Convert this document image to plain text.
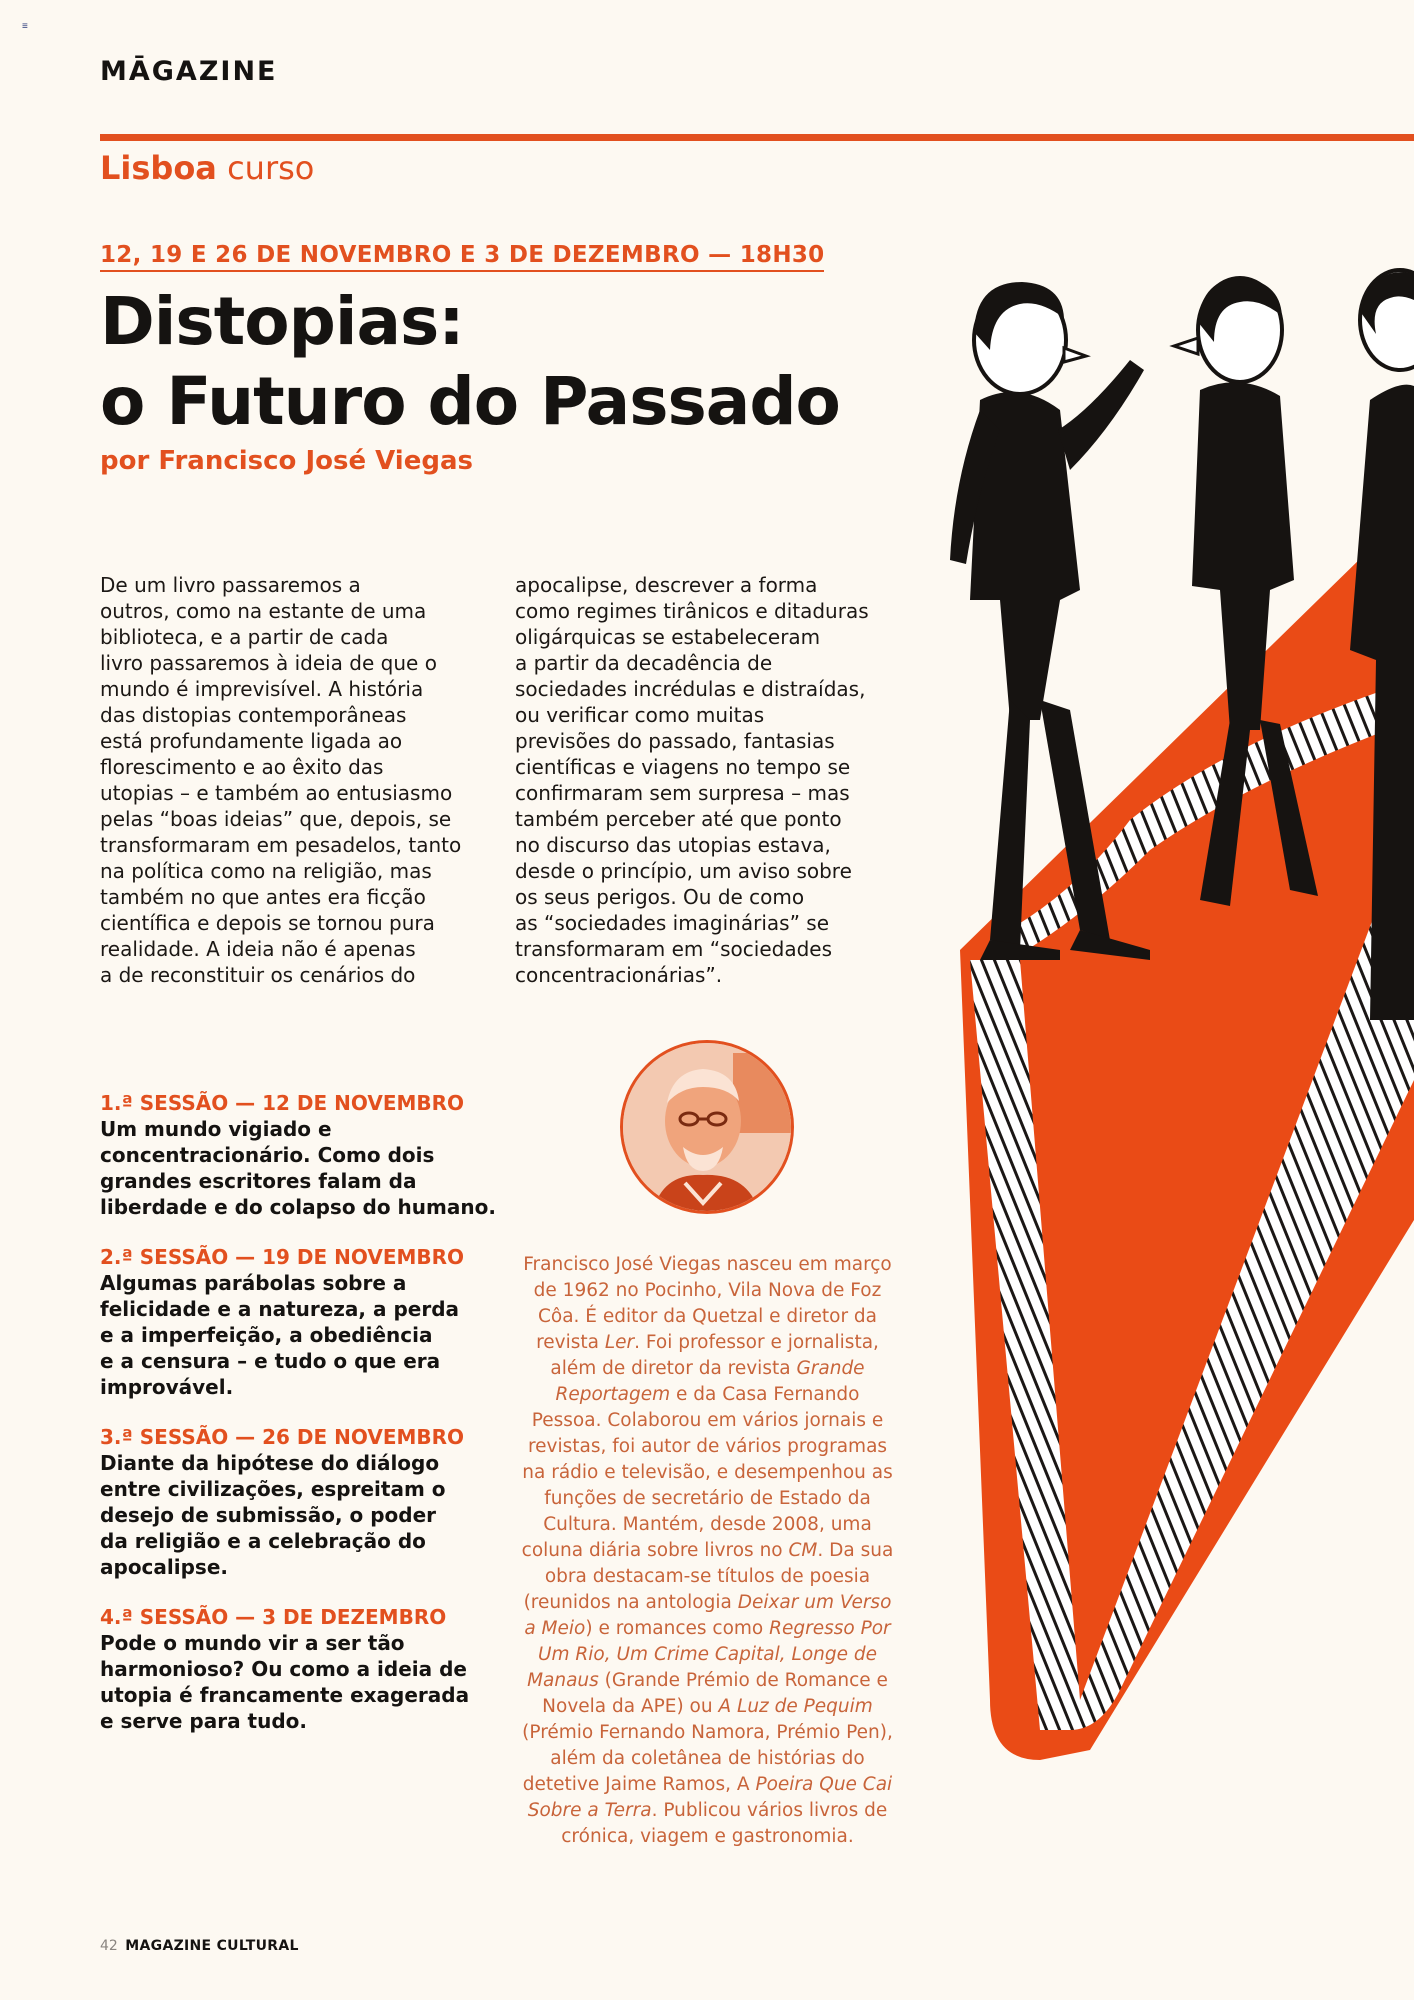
≡
MĀGAZINE
Lisboa curso
12, 19 E 26 DE NOVEMBRO E 3 DE DEZEMBRO — 18H30
Distopias:
o Futuro do Passado
por Francisco José Viegas
De um livro passaremos a
outros, como na estante de uma
biblioteca, e a partir de cada
livro passaremos à ideia de que o
mundo é imprevisível. A história
das distopias contemporâneas
está profundamente ligada ao
florescimento e ao êxito das
utopias – e também ao entusiasmo
pelas “boas ideias” que, depois, se
transformaram em pesadelos, tanto
na política como na religião, mas
também no que antes era ficção
científica e depois se tornou pura
realidade. A ideia não é apenas
a de reconstituir os cenários do
apocalipse, descrever a forma
como regimes tirânicos e ditaduras
oligárquicas se estabeleceram
a partir da decadência de
sociedades incrédulas e distraídas,
ou verificar como muitas
previsões do passado, fantasias
científicas e viagens no tempo se
confirmaram sem surpresa – mas
também perceber até que ponto
no discurso das utopias estava,
desde o princípio, um aviso sobre
os seus perigos. Ou de como
as “sociedades imaginárias” se
transformaram em “sociedades
concentracionárias”.
1.ª SESSÃO — 12 DE NOVEMBRO
Um mundo vigiado e
concentracionário. Como dois
grandes escritores falam da
liberdade e do colapso do humano.
2.ª SESSÃO — 19 DE NOVEMBRO
Algumas parábolas sobre a
felicidade e a natureza, a perda
e a imperfeição, a obediência
e a censura – e tudo o que era
improvável.
3.ª SESSÃO — 26 DE NOVEMBRO
Diante da hipótese do diálogo
entre civilizações, espreitam o
desejo de submissão, o poder
da religião e a celebração do
apocalipse.
4.ª SESSÃO — 3 DE DEZEMBRO
Pode o mundo vir a ser tão
harmonioso? Ou como a ideia de
utopia é francamente exagerada
e serve para tudo.
Francisco José Viegas nasceu em março de 1962 no Pocinho, Vila Nova de Foz Côa. É editor da Quetzal e diretor da revista Ler. Foi professor e jornalista, além de diretor da revista Grande Reportagem e da Casa Fernando Pessoa. Colaborou em vários jornais e revistas, foi autor de vários programas na rádio e televisão, e desempenhou as funções de secretário de Estado da Cultura. Mantém, desde 2008, uma coluna diária sobre livros no CM. Da sua obra destacam-se títulos de poesia (reunidos na antologia Deixar um Verso a Meio) e romances como Regresso Por Um Rio, Um Crime Capital, Longe de Manaus (Grande Prémio de Romance e Novela da APE) ou A Luz de Pequim (Prémio Fernando Namora, Prémio Pen), além da coletânea de histórias do detetive Jaime Ramos, A Poeira Que Cai Sobre a Terra. Publicou vários livros de crónica, viagem e gastronomia.
42 MAGAZINE CULTURAL
